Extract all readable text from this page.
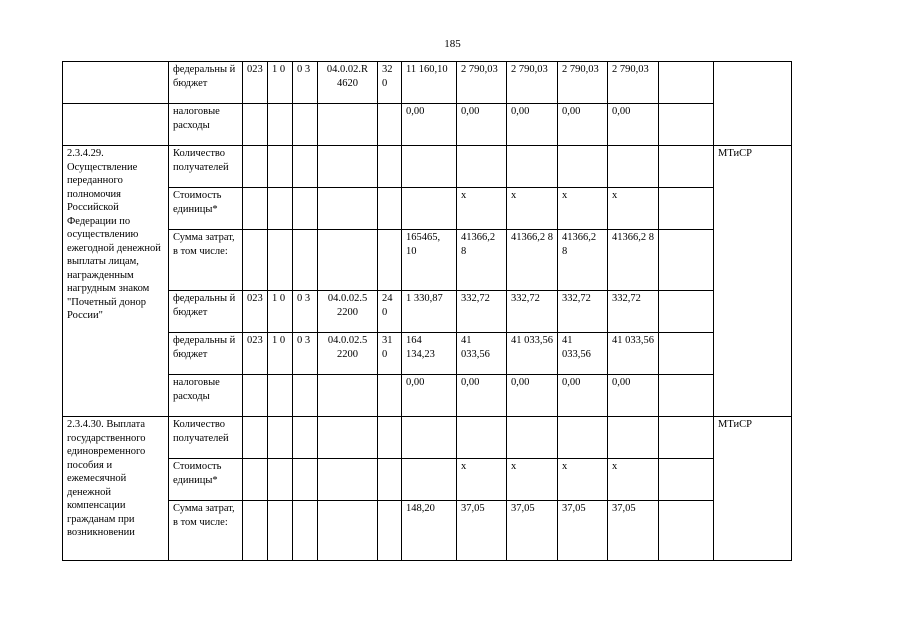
185
	федеральны й бюджет	023	1 0	0 3	04.0.02.R 4620	32 0	11 160,10	2 790,03	2 790,03	2 790,03	2 790,03		
	налоговые расходы						0,00	0,00	0,00	0,00	0,00		
2.3.4.29. Осуществление переданного полномочия Российской Федерации по осуществлению ежегодной денежной выплаты лицам, награжденным нагрудным знаком "Почетный донор России"	Количество получателей												МТиСР
	Стоимость единицы*							x	x	x	x		
	Сумма затрат, в том числе:						165465, 10	41366,2 8	41366,2 8	41366,2 8	41366,2 8		
	федеральны й бюджет	023	1 0	0 3	04.0.02.5 2200	24 0	1 330,87	332,72	332,72	332,72	332,72		
	федеральны й бюджет	023	1 0	0 3	04.0.02.5 2200	31 0	164 134,23	41 033,56	41 033,56	41 033,56	41 033,56		
	налоговые расходы						0,00	0,00	0,00	0,00	0,00		
2.3.4.30. Выплата государственного единовременного пособия и ежемесячной денежной компенсации гражданам при возникновении	Количество получателей												МТиСР
	Стоимость единицы*							x	x	x	x		
	Сумма затрат, в том числе:						148,20	37,05	37,05	37,05	37,05		
